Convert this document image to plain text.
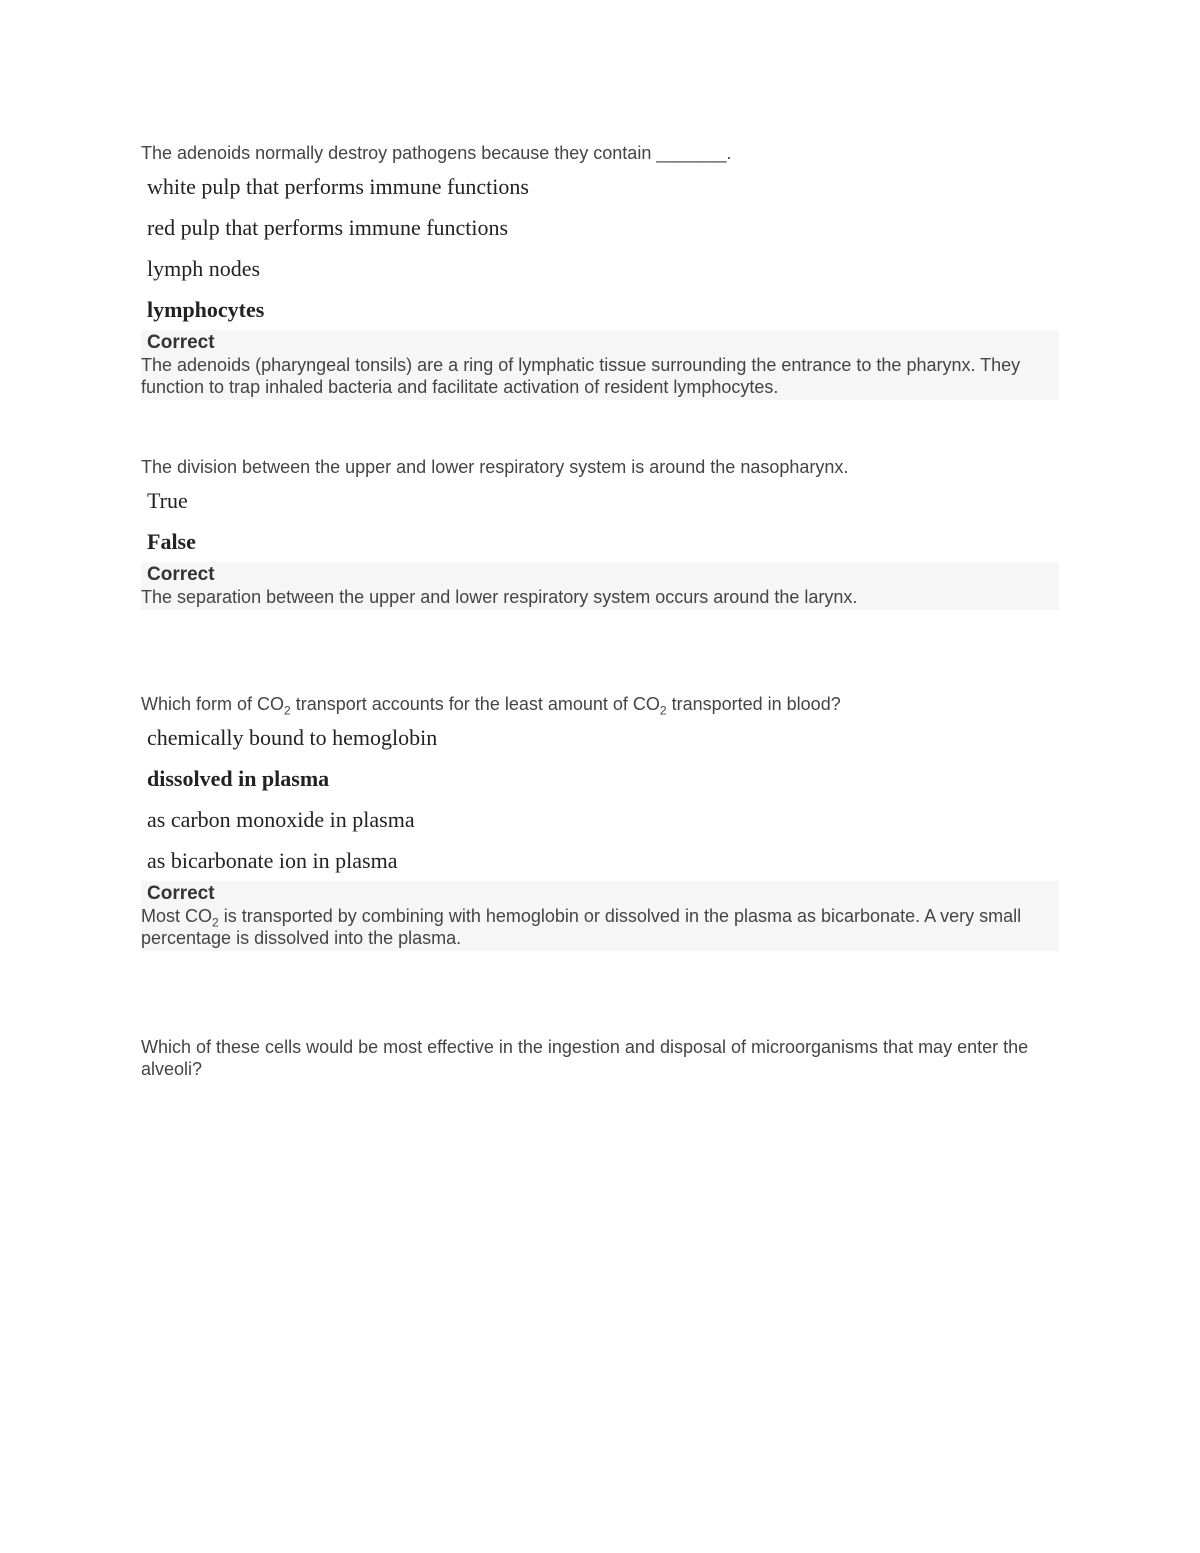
The adenoids normally destroy pathogens because they contain _______.

white pulp that performs immune functions
red pulp that performs immune functions
lymph nodes
lymphocytes
Correct
The adenoids (pharyngeal tonsils) are a ring of lymphatic tissue surrounding the entrance to the pharynx. They function to trap inhaled bacteria and facilitate activation of resident lymphocytes.

The division between the upper and lower respiratory system is around the nasopharynx.

True
False
Correct
The separation between the upper and lower respiratory system occurs around the larynx.

Which form of $CO_2$ transport accounts for the least amount of $CO_2$ transported in blood?

chemically bound to hemoglobin
dissolved in plasma
as carbon monoxide in plasma
as bicarbonate ion in plasma
Correct
Most $CO_2$ is transported by combining with hemoglobin or dissolved in the plasma as bicarbonate. A very small percentage is dissolved into the plasma.

Which of these cells would be most effective in the ingestion and disposal of microorganisms that may enter the alveoli?
